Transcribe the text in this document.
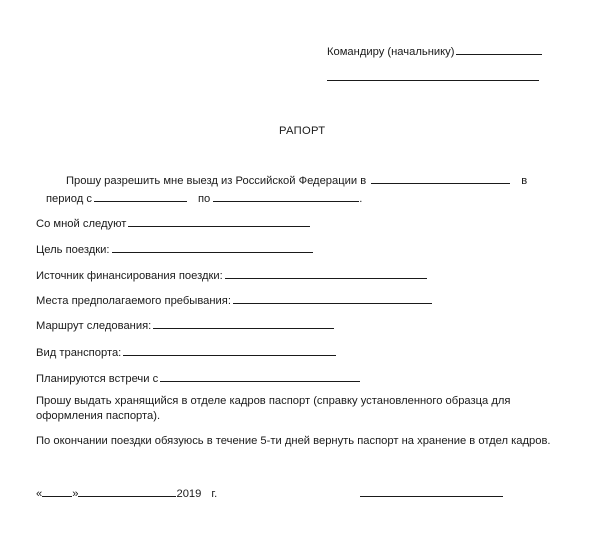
Командиру (начальнику)
РАПОРТ
Прошу разрешить мне выезд из Российской Федерации в	в
период с	по	.
Со мной следуют
Цель поездки:
Источник финансирования поездки:
Места предполагаемого пребывания:
Маршрут следования:
Вид транспорта:
Планируются встречи с
Прошу выдать хранящийся в отделе кадров паспорт (справку установленного образца для
оформления паспорта).
По окончании поездки обязуюсь в течение 5-ти дней вернуть паспорт на хранение в отдел кадров.
«	»	2019 г.
